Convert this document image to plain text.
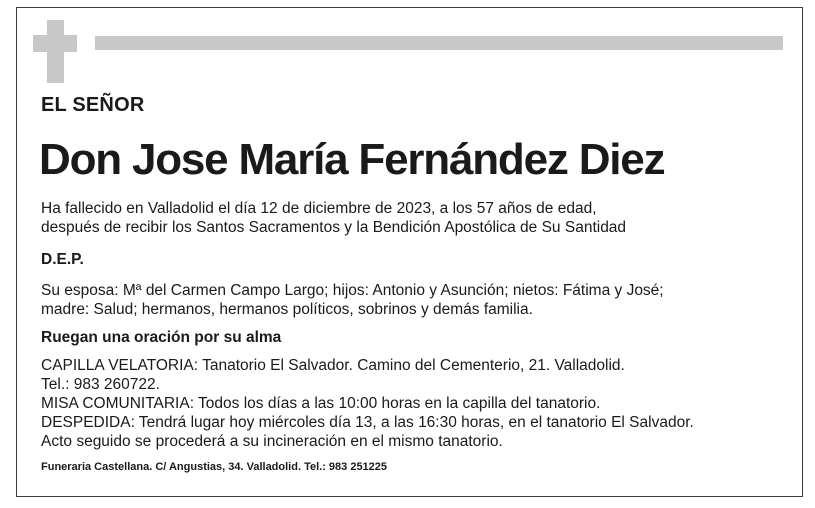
EL SEÑOR
Don Jose María Fernández Diez
Ha fallecido en Valladolid el día 12 de diciembre de 2023, a los 57 años de edad,
después de recibir los Santos Sacramentos y la Bendición Apostólica de Su Santidad
D.E.P.
Su esposa: Mª del Carmen Campo Largo; hijos: Antonio y Asunción; nietos: Fátima y José;
madre: Salud; hermanos, hermanos políticos, sobrinos y demás familia.
Ruegan una oración por su alma
CAPILLA VELATORIA: Tanatorio El Salvador. Camino del Cementerio, 21. Valladolid.
Tel.: 983 260722.
MISA COMUNITARIA: Todos los días a las 10:00 horas en la capilla del tanatorio.
DESPEDIDA: Tendrá lugar hoy miércoles día 13, a las 16:30 horas, en el tanatorio El Salvador.
Acto seguido se procederá a su incineración en el mismo tanatorio.
Funeraria Castellana. C/ Angustias, 34. Valladolid. Tel.: 983 251225
